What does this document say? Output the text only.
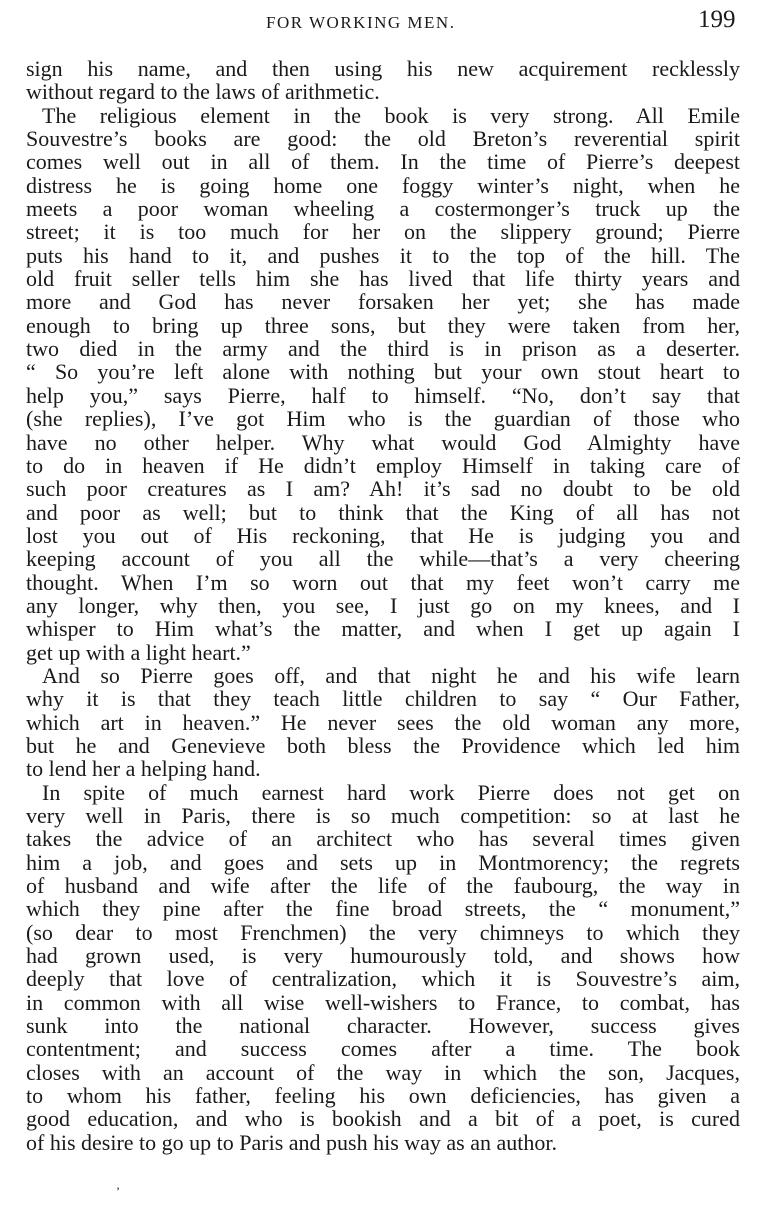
FOR WORKING MEN.	199
sign his name, and then using his new acquirement recklessly
without regard to the laws of arithmetic.
The religious element in the book is very strong. All Emile
Souvestre’s books are good: the old Breton’s reverential spirit
comes well out in all of them. In the time of Pierre’s deepest
distress he is going home one foggy winter’s night, when he
meets a poor woman wheeling a costermonger’s truck up the
street; it is too much for her on the slippery ground; Pierre
puts his hand to it, and pushes it to the top of the hill. The
old fruit seller tells him she has lived that life thirty years and
more and God has never forsaken her yet; she has made
enough to bring up three sons, but they were taken from her,
two died in the army and the third is in prison as a deserter.
“ So you’re left alone with nothing but your own stout heart to
help you,” says Pierre, half to himself. “No, don’t say that
(she replies), I’ve got Him who is the guardian of those who
have no other helper. Why what would God Almighty have
to do in heaven if He didn’t employ Himself in taking care of
such poor creatures as I am? Ah! it’s sad no doubt to be old
and poor as well; but to think that the King of all has not
lost you out of His reckoning, that He is judging you and
keeping account of you all the while—that’s a very cheering
thought. When I’m so worn out that my feet won’t carry me
any longer, why then, you see, I just go on my knees, and I
whisper to Him what’s the matter, and when I get up again I
get up with a light heart.”
And so Pierre goes off, and that night he and his wife learn
why it is that they teach little children to say “ Our Father,
which art in heaven.” He never sees the old woman any more,
but he and Genevieve both bless the Providence which led him
to lend her a helping hand.
In spite of much earnest hard work Pierre does not get on
very well in Paris, there is so much competition: so at last he
takes the advice of an architect who has several times given
him a job, and goes and sets up in Montmorency; the regrets
of husband and wife after the life of the faubourg, the way in
which they pine after the fine broad streets, the “ monument,”
(so dear to most Frenchmen) the very chimneys to which they
had grown used, is very humourously told, and shows how
deeply that love of centralization, which it is Souvestre’s aim,
in common with all wise well-wishers to France, to combat, has
sunk into the national character. However, success gives
contentment; and success comes after a time. The book
closes with an account of the way in which the son, Jacques,
to whom his father, feeling his own deficiencies, has given a
good education, and who is bookish and a bit of a poet, is cured
of his desire to go up to Paris and push his way as an author.
’
